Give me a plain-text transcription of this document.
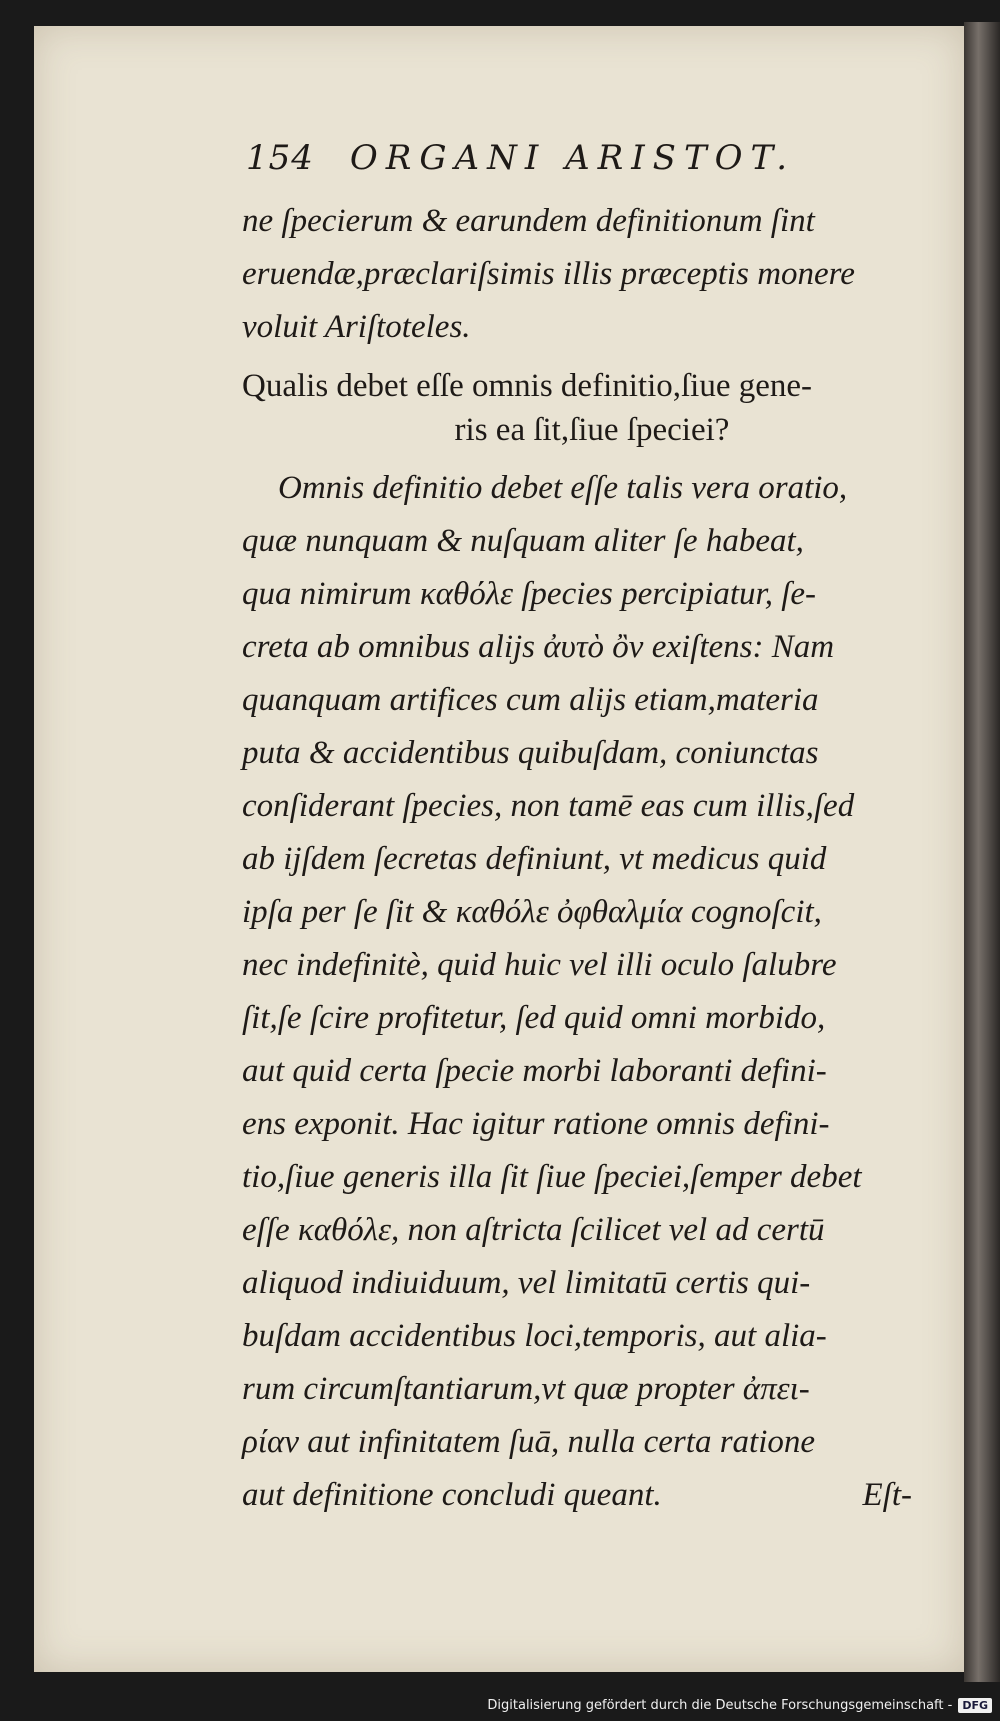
154 ORGANI ARISTOT.
ne ſpecierum & earundem definitionum ſint
eruendæ,præclariſsimis illis præceptis monere
voluit Ariſtoteles.
Qualis debet eſſe omnis definitio,ſiue gene-
ris ea ſit,ſiue ſpeciei?
Omnis definitio debet eſſe talis vera oratio,
quæ nunquam & nuſquam aliter ſe habeat,
qua nimirum καθόλε ſpecies percipiatur, ſe-
creta ab omnibus alijs ἀυτὸ ὂν exiſtens: Nam
quanquam artifices cum alijs etiam,materia
puta & accidentibus quibuſdam, coniunctas
conſiderant ſpecies, non tamē eas cum illis,ſed
ab ijſdem ſecretas definiunt, vt medicus quid
ipſa per ſe ſit & καθόλε ὀφθαλμία cognoſcit,
nec indefinitè, quid huic vel illi oculo ſalubre
ſit,ſe ſcire profitetur, ſed quid omni morbido,
aut quid certa ſpecie morbi laboranti defini-
ens exponit. Hac igitur ratione omnis defini-
tio,ſiue generis illa ſit ſiue ſpeciei,ſemper debet
eſſe καθόλε, non aſtricta ſcilicet vel ad certū
aliquod indiuiduum, vel limitatū certis qui-
buſdam accidentibus loci,temporis, aut alia-
rum circumſtantiarum,vt quæ propter ἀπει-
ρίαν aut infinitatem ſuā, nulla certa ratione
aut definitione concludi queant.	Eſt-
Digitalisierung gefördert durch die Deutsche Forschungsgemeinschaft - DFG
